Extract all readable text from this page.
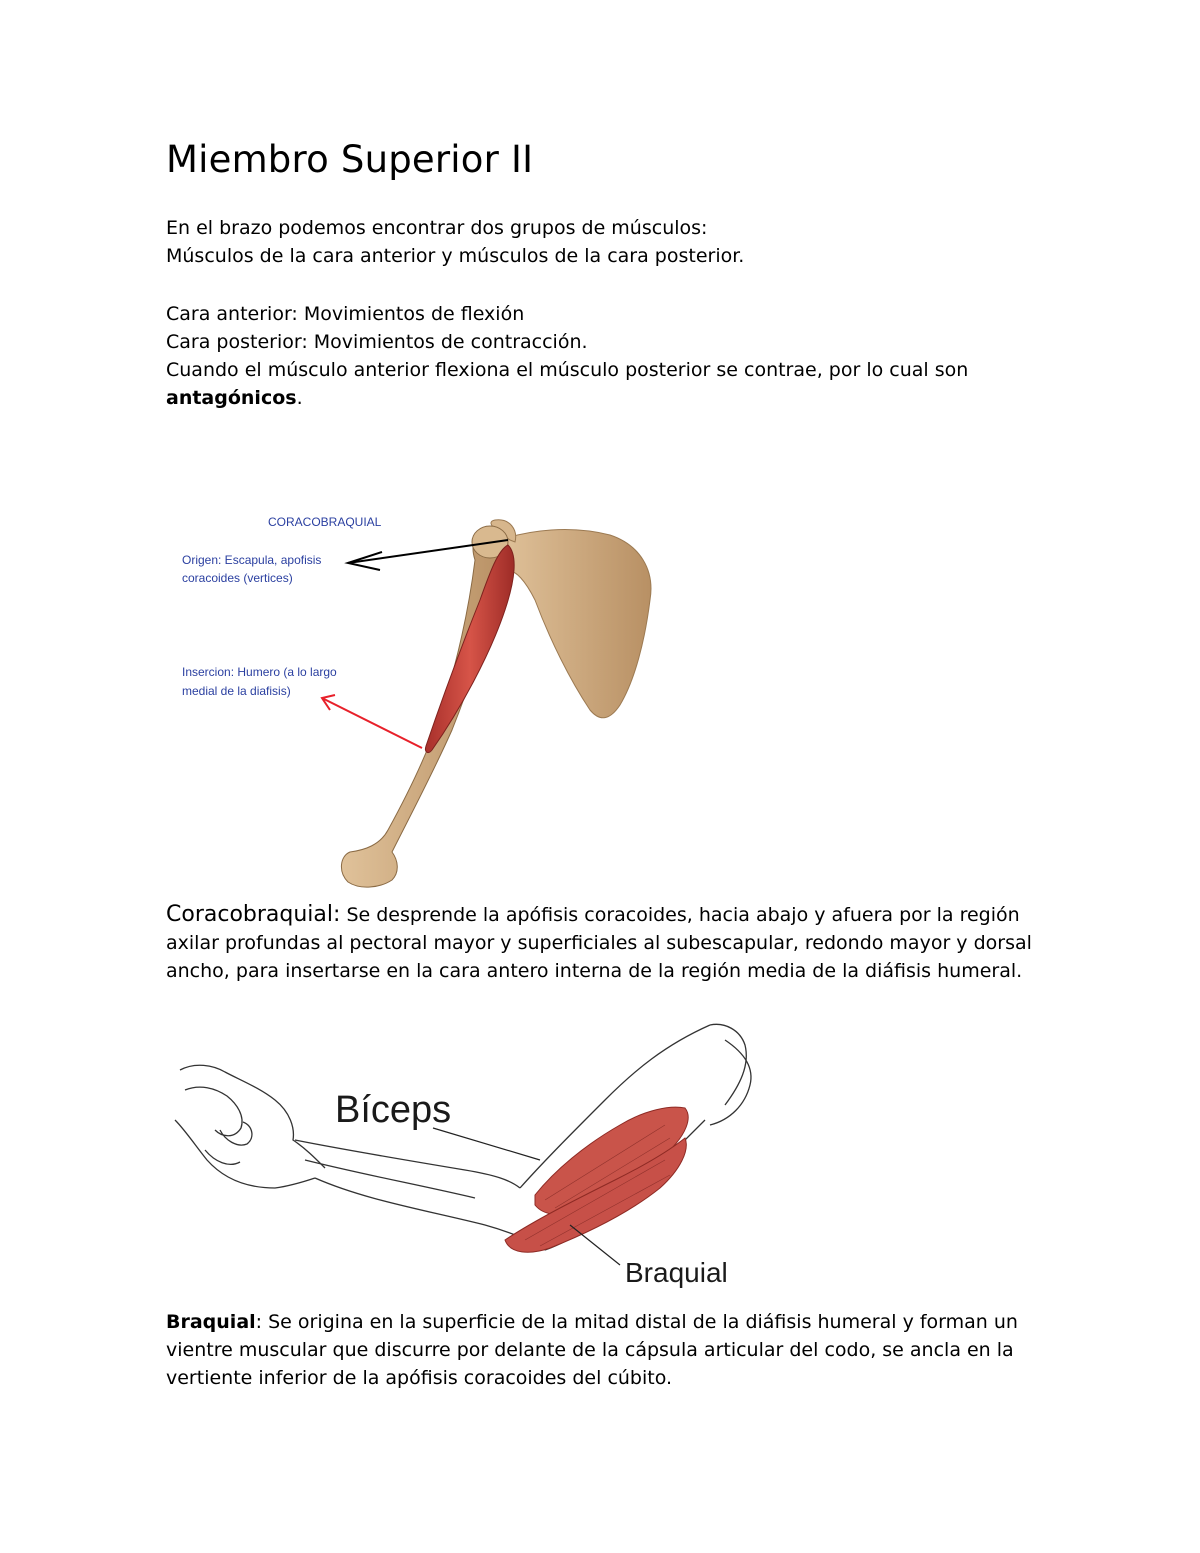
Miembro Superior II

En el brazo podemos encontrar dos grupos de músculos:
Músculos de la cara anterior y músculos de la cara posterior.

Cara anterior: Movimientos de flexión
Cara posterior: Movimientos de contracción.
Cuando el músculo anterior flexiona el músculo posterior se contrae, por lo cual son
antagónicos.

CORACOBRAQUIAL
Origen: Escapula, apofisis
coracoides (vertices)
Insercion: Humero (a lo largo
medial de la diafisis)

Coracobraquial: Se desprende la apófisis coracoides, hacia abajo y afuera por la región
axilar profundas al pectoral mayor y superficiales al subescapular, redondo mayor y dorsal
ancho, para insertarse en la cara antero interna de la región media de la diáfisis humeral.

Bíceps
Braquial

Braquial: Se origina en la superficie de la mitad distal de la diáfisis humeral y forman un
vientre muscular que discurre por delante de la cápsula articular del codo, se ancla en la
vertiente inferior de la apófisis coracoides del cúbito.
